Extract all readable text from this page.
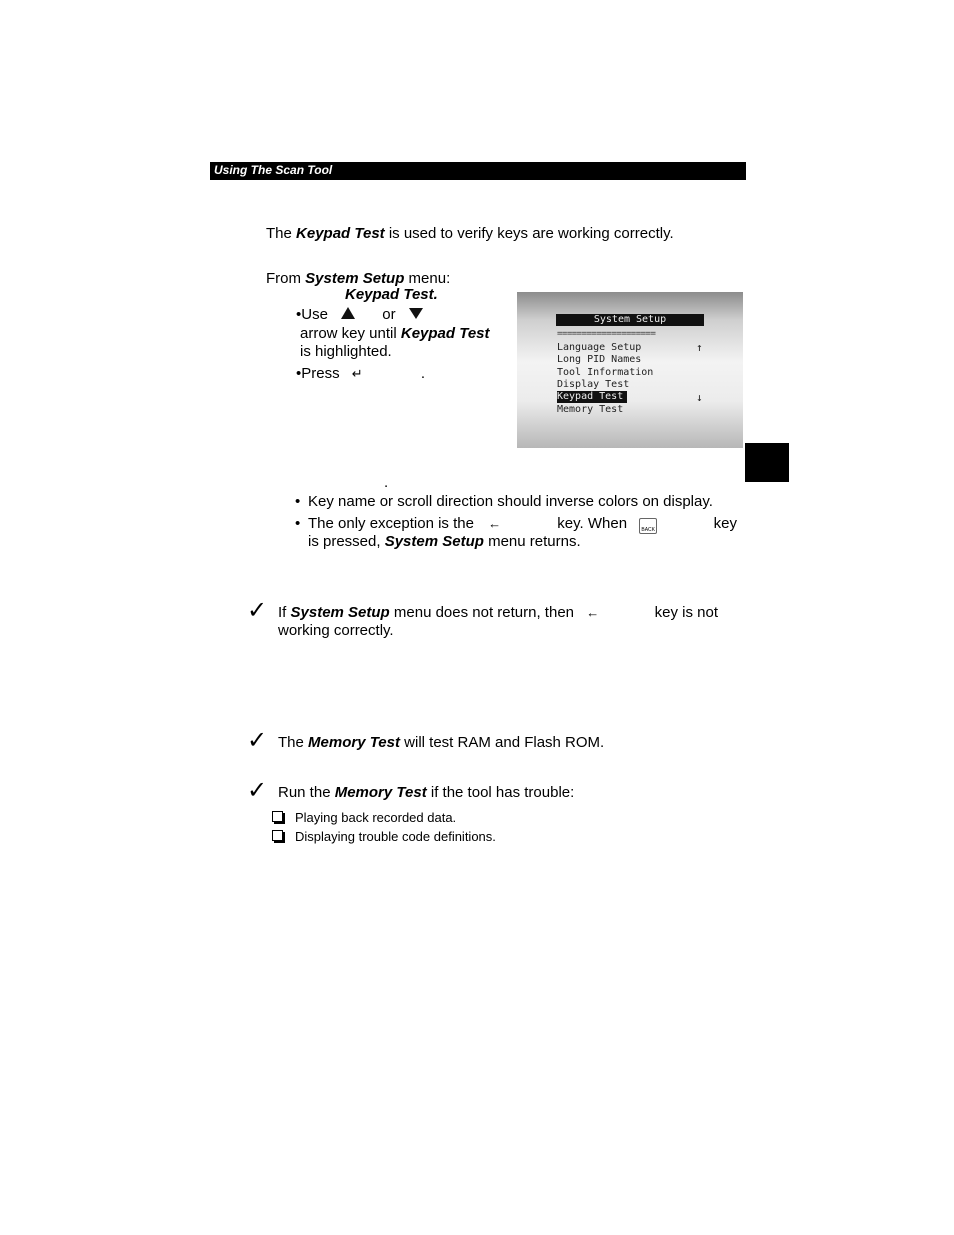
Using The Scan Tool
The Keypad Test is used to verify keys are working correctly.
From System Setup menu:
Keypad Test.
•Use	or
arrow key until Keypad Test
is highlighted.
•Press ↵	.
System Setup
====================
Language Setup	↑
Long PID Names
Tool Information
Display Test
Keypad Test	↓
Memory Test
.
• Key name or scroll direction should inverse colors on display.
• The only exception is the ←	key. When	BACK	key
is pressed, System Setup menu returns.
✓ If System Setup menu does not return, then ←	key is not
working correctly.
✓ The Memory Test will test RAM and Flash ROM.
✓ Run the Memory Test if the tool has trouble:
Playing back recorded data.
Displaying trouble code definitions.
